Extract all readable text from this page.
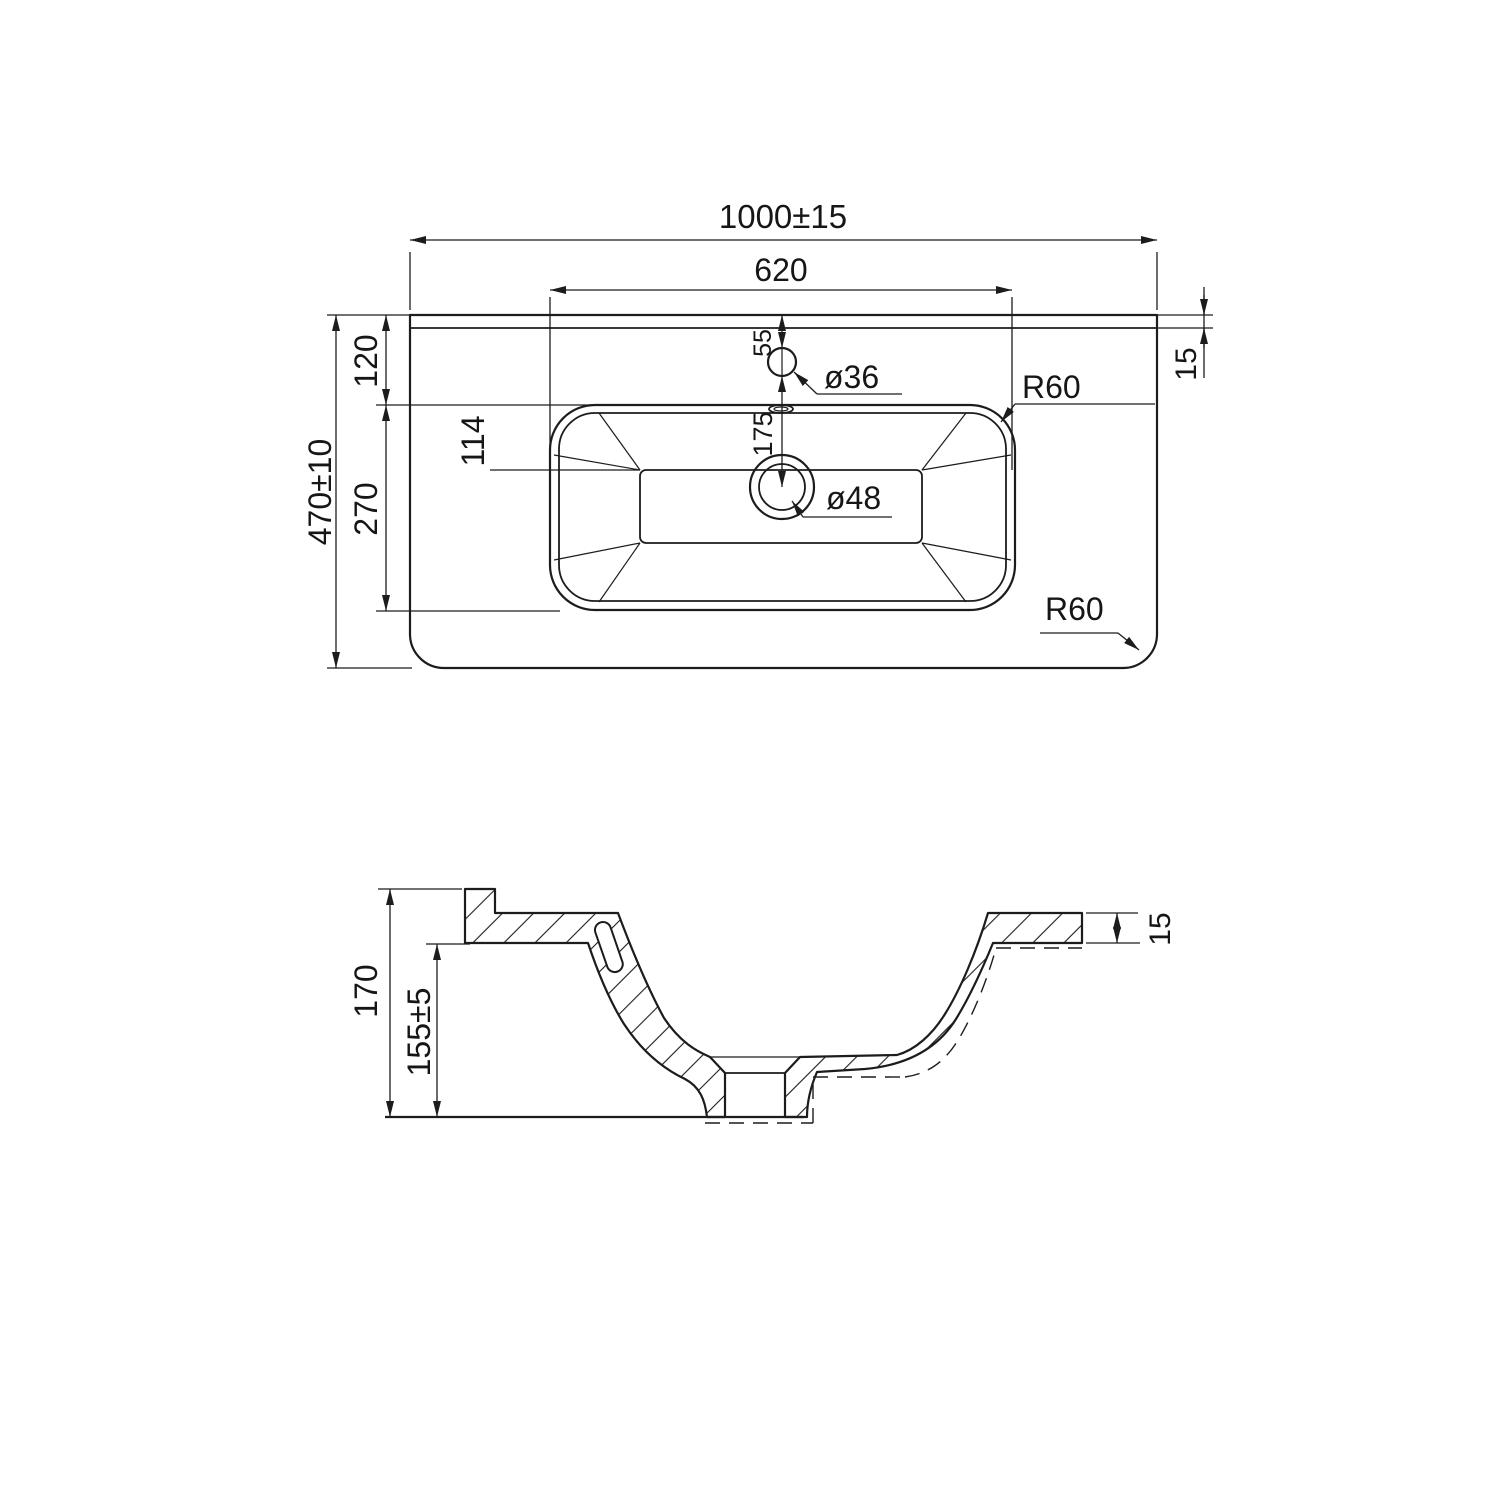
1000±15
620
470±10
120
270
114
55
175
ø36
ø48
R60
R60
15
170 155±5
15
